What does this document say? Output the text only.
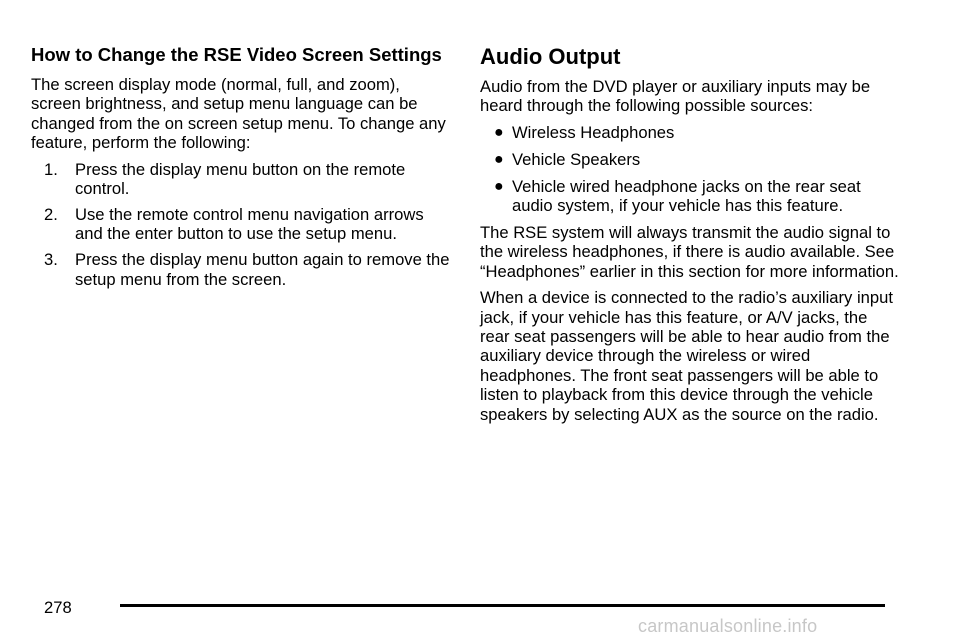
How to Change the RSE Video Screen Settings

The screen display mode (normal, full, and zoom), screen brightness, and setup menu language can be changed from the on screen setup menu. To change any feature, perform the following:

1. Press the display menu button on the remote control.
2. Use the remote control menu navigation arrows and the enter button to use the setup menu.
3. Press the display menu button again to remove the setup menu from the screen.
Audio Output

Audio from the DVD player or auxiliary inputs may be heard through the following possible sources:

● Wireless Headphones
● Vehicle Speakers
● Vehicle wired headphone jacks on the rear seat audio system, if your vehicle has this feature.

The RSE system will always transmit the audio signal to the wireless headphones, if there is audio available. See “Headphones” earlier in this section for more information.

When a device is connected to the radio’s auxiliary input jack, if your vehicle has this feature, or A/V jacks, the rear seat passengers will be able to hear audio from the auxiliary device through the wireless or wired headphones. The front seat passengers will be able to listen to playback from this device through the vehicle speakers by selecting AUX as the source on the radio.

278
carmanualsonline.info
